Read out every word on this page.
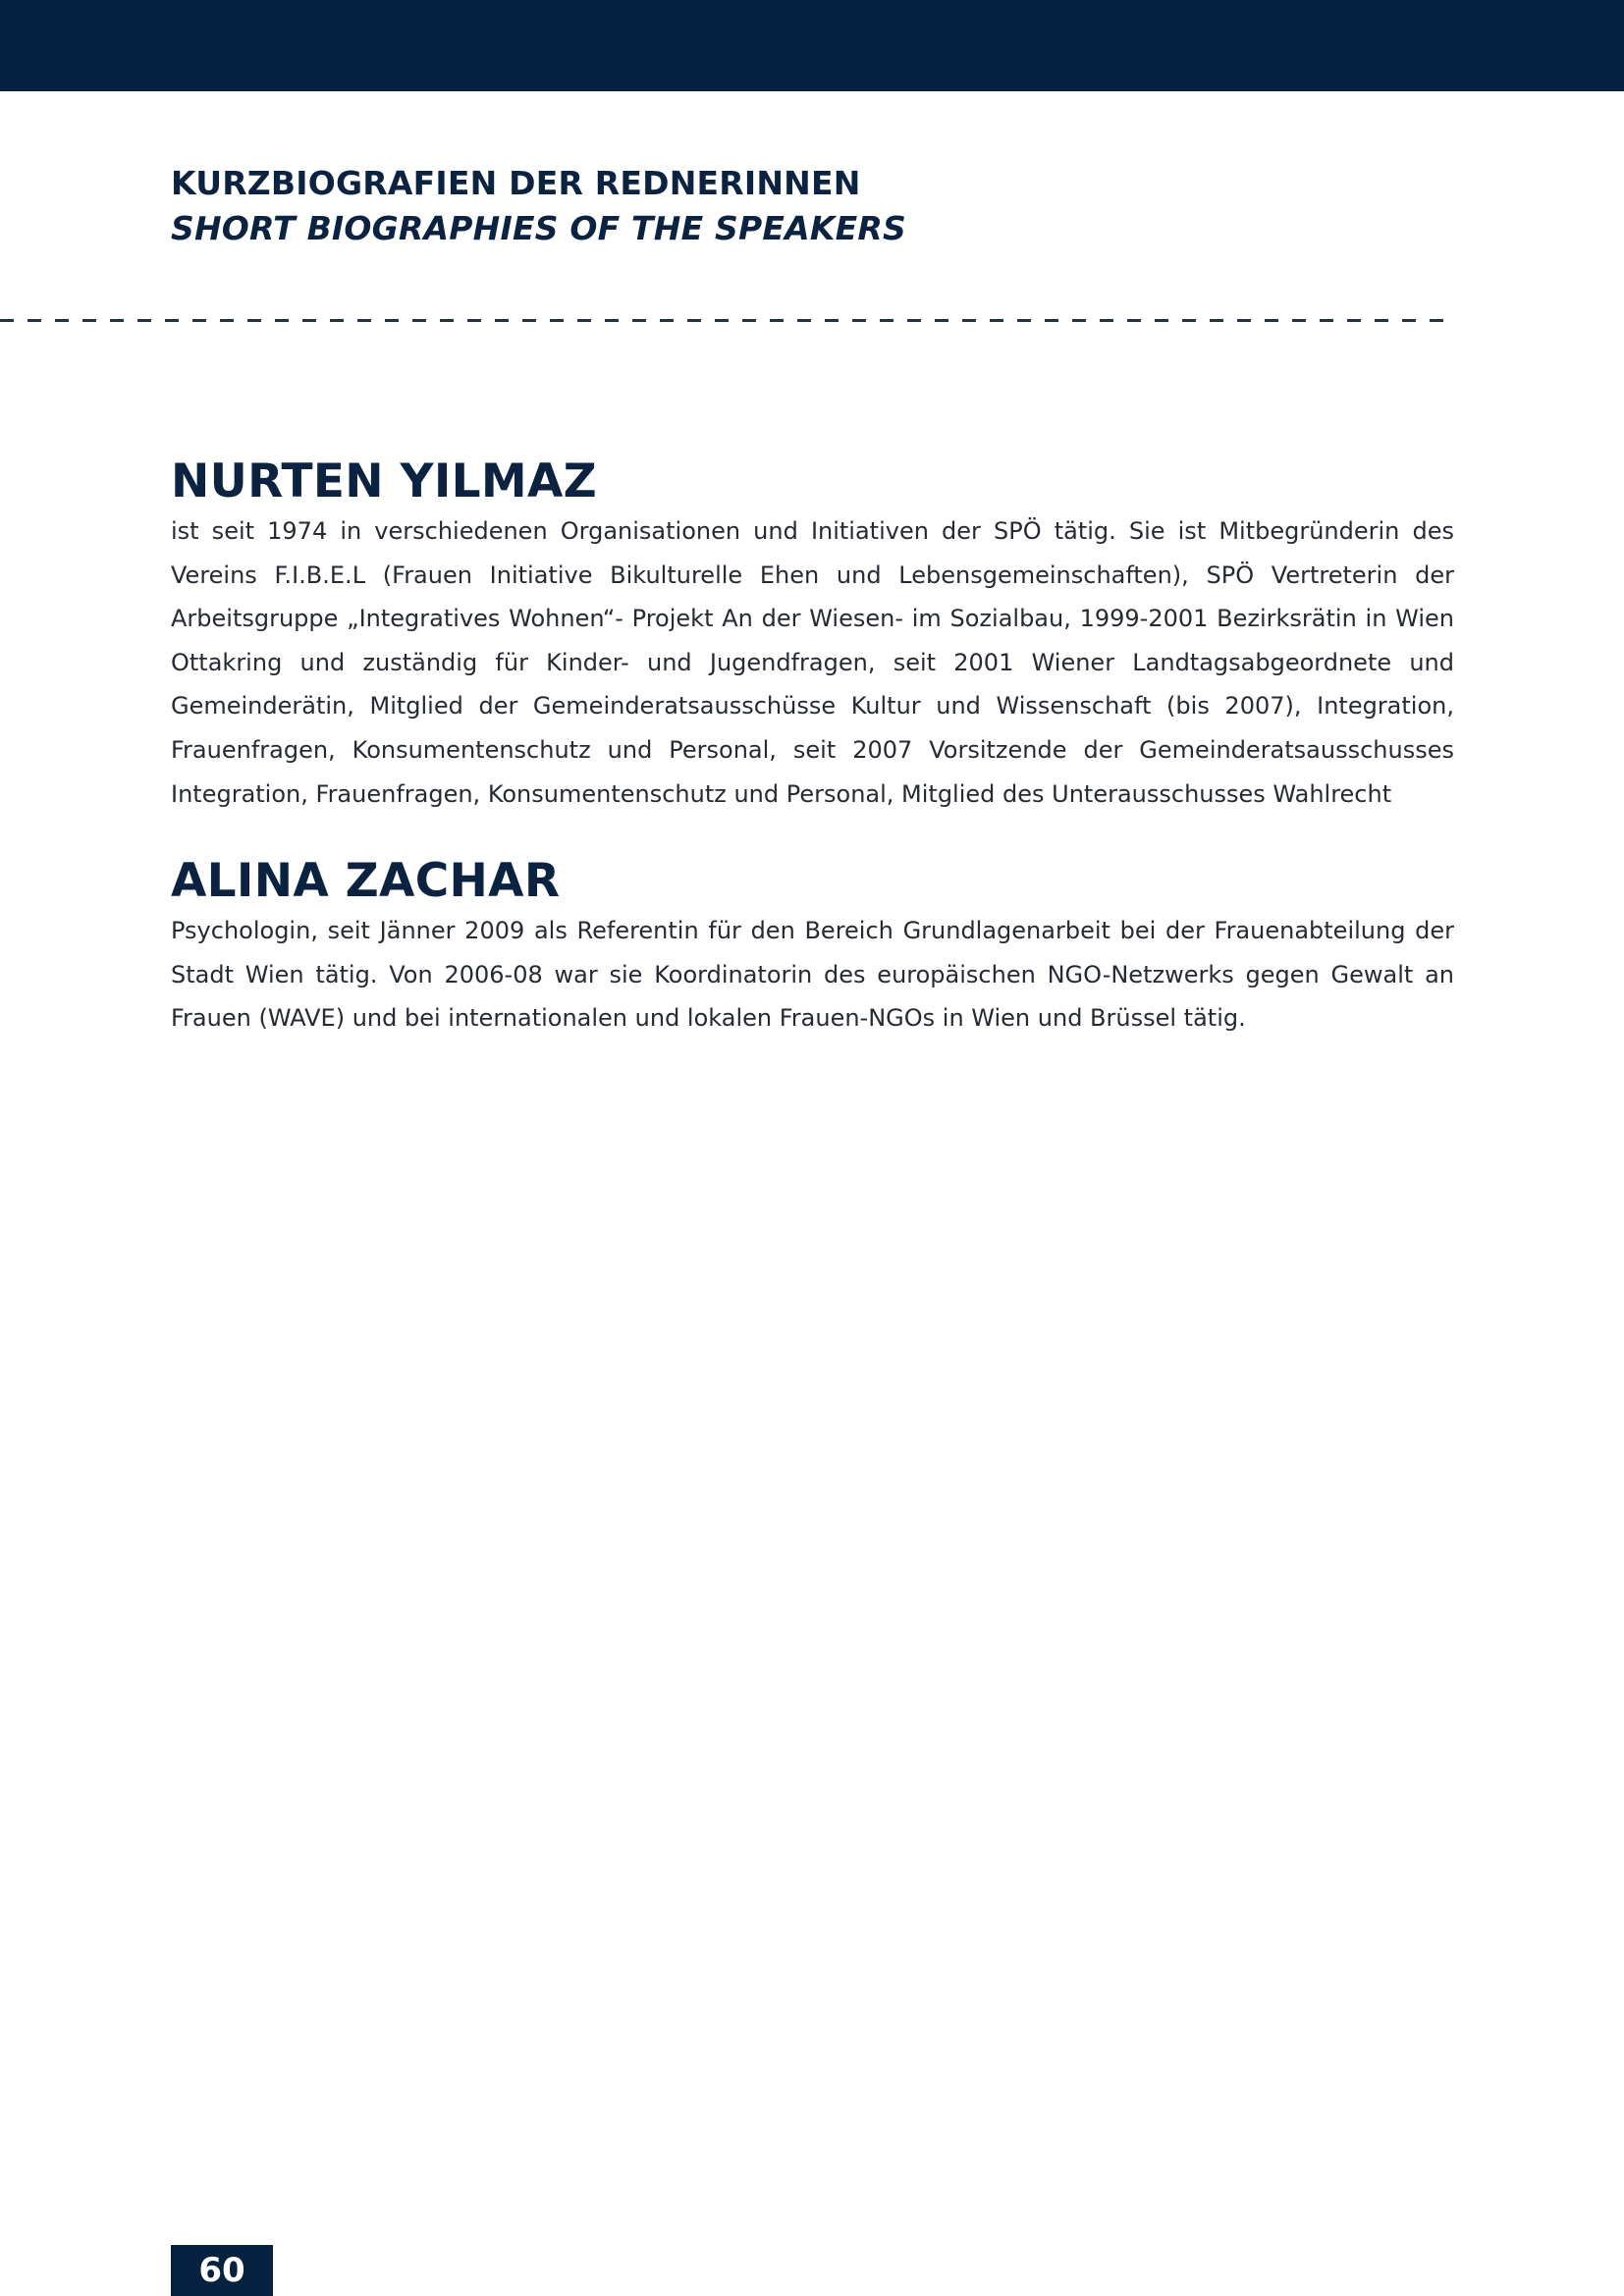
KURZBIOGRAFIEN DER REDNERINNEN
SHORT BIOGRAPHIES OF THE SPEAKERS
NURTEN YILMAZ

ist seit 1974 in verschiedenen Organisationen und Initiativen der SPÖ tätig. Sie ist Mitbegründerin des Vereins F.I.B.E.L (Frauen Initiative Bikulturelle Ehen und Lebensgemeinschaften), SPÖ Vertreterin der Arbeitsgruppe „Integratives Wohnen“- Projekt An der Wiesen- im Sozialbau, 1999-2001 Bezirksrätin in Wien Ottakring und zuständig für Kinder- und Jugendfragen, seit 2001 Wiener Landtagsabgeordnete und Gemeinderätin, Mitglied der Gemeinderatsausschüsse Kultur und Wissenschaft (bis 2007), Integration, Frauenfragen, Konsumentenschutz und Personal, seit 2007 Vorsitzende der Gemeinderatsausschusses Integration, Frauenfragen, Konsumentenschutz und Personal, Mitglied des Unterausschusses Wahlrecht

ALINA ZACHAR

Psychologin, seit Jänner 2009 als Referentin für den Bereich Grundlagenarbeit bei der Frauenabteilung der Stadt Wien tätig. Von 2006-08 war sie Koordinatorin des europäischen NGO-Netzwerks gegen Gewalt an Frauen (WAVE) und bei internationalen und lokalen Frauen-NGOs in Wien und Brüssel tätig.

60
